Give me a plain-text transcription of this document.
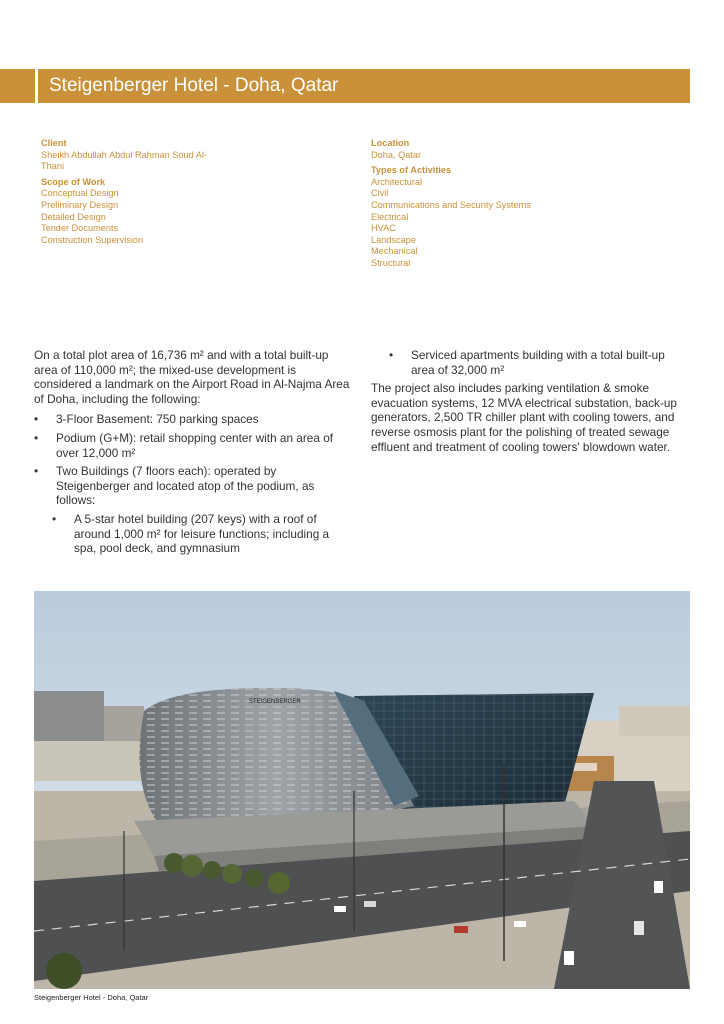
Steigenberger Hotel - Doha, Qatar
Client
Sheikh Abdullah Abdul Rahman Soud Al-
Thani
Scope of Work
Conceptual Design
Preliminary Design
Detailed Design
Tender Documents
Construction Supervision
Location
Doha, Qatar
Types of Activities
Architectural
Civil
Communications and Security Systems
Electrical
HVAC
Landscape
Mechanical
Structural

On a total plot area of 16,736 m² and with a total built-up area of 110,000 m²; the mixed-use development is considered a landmark on the Airport Road in Al-Najma Area of Doha, including the following:

• 3-Floor Basement: 750 parking spaces
• Podium (G+M): retail shopping center with an area of over 12,000 m²
• Two Buildings (7 floors each): operated by Steigenberger and located atop of the podium, as follows:
• A 5-star hotel building (207 keys) with a roof of around 1,000 m² for leisure functions; including a spa, pool deck, and gymnasium
• Serviced apartments building with a total built-up area of 32,000 m²

The project also includes parking ventilation & smoke evacuation systems, 12 MVA electrical substation, back-up generators, 2,500 TR chiller plant with cooling towers, and reverse osmosis plant for the polishing of treated sewage effluent and treatment of cooling towers' blowdown water.

STEIGENBERGER
Steigenberger Hotel - Doha, Qatar
